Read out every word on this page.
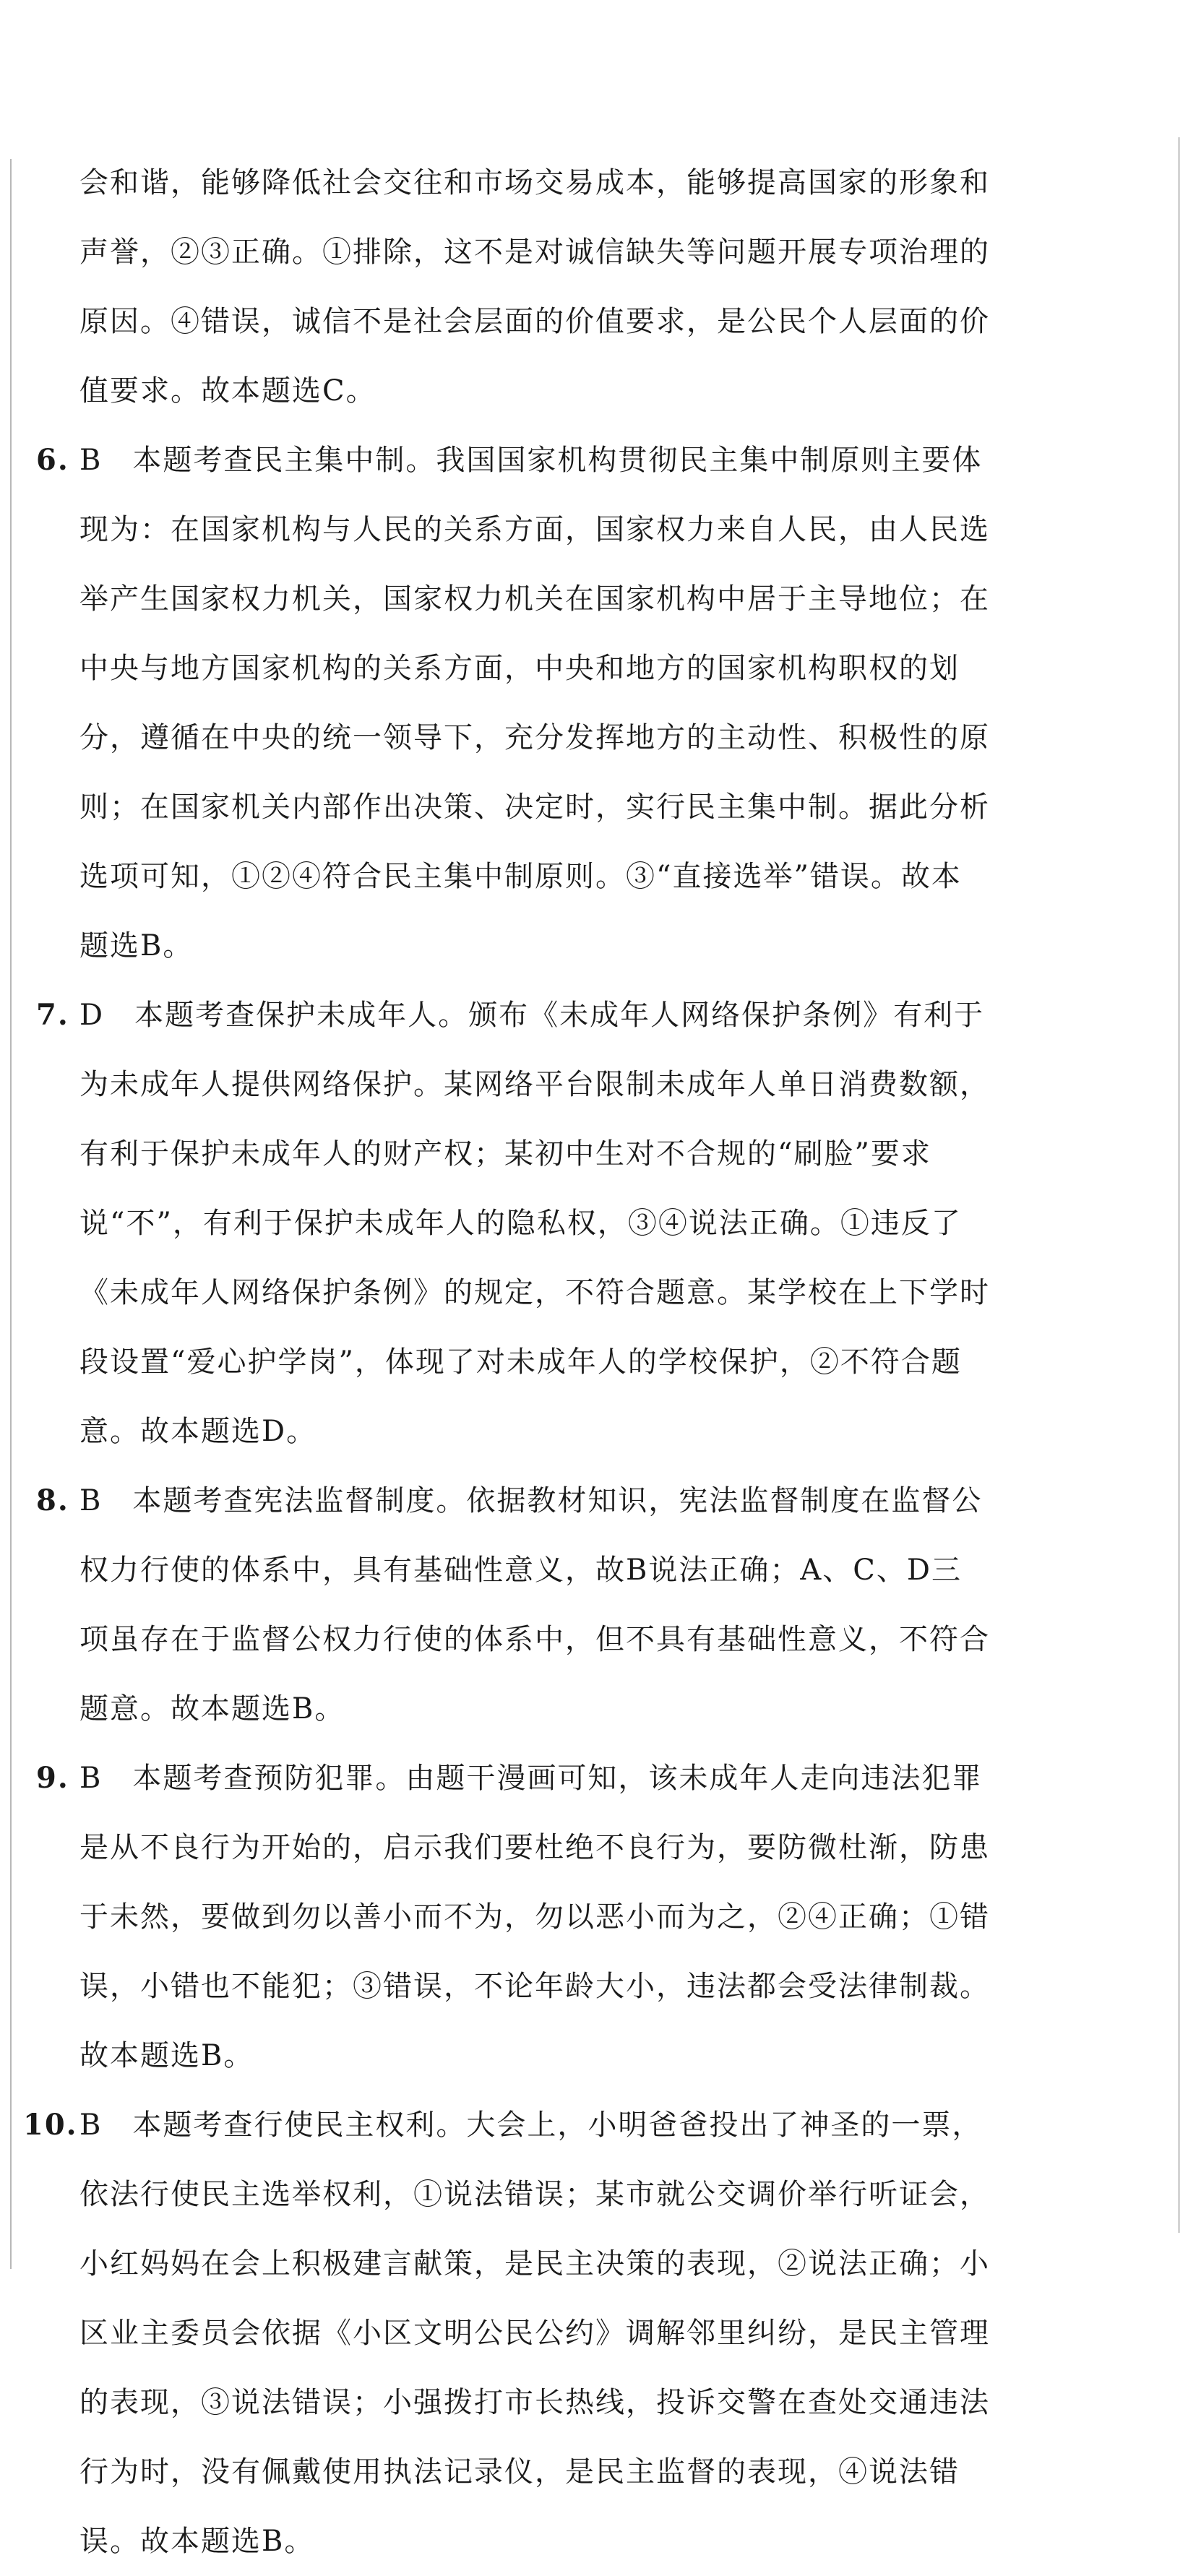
会和谐，能够降低社会交往和市场交易成本，能够提高国家的形象和声誉，②③正确。①排除，这不是对诚信缺失等问题开展专项治理的原因。④错误，诚信不是社会层面的价值要求，是公民个人层面的价值要求。故本题选C。

6. B 本题考查民主集中制。我国国家机构贯彻民主集中制原则主要体现为：在国家机构与人民的关系方面，国家权力来自人民，由人民选举产生国家权力机关，国家权力机关在国家机构中居于主导地位；在中央与地方国家机构的关系方面，中央和地方的国家机构职权的划分，遵循在中央的统一领导下，充分发挥地方的主动性、积极性的原则；在国家机关内部作出决策、决定时，实行民主集中制。据此分析选项可知，①②④符合民主集中制原则。③“直接选举”错误。故本题选B。
7. D 本题考查保护未成年人。颁布《未成年人网络保护条例》有利于为未成年人提供网络保护。某网络平台限制未成年人单日消费数额，有利于保护未成年人的财产权；某初中生对不合规的“刷脸”要求说“不”，有利于保护未成年人的隐私权，③④说法正确。①违反了《未成年人网络保护条例》的规定，不符合题意。某学校在上下学时段设置“爱心护学岗”，体现了对未成年人的学校保护，②不符合题意。故本题选D。
8. B 本题考查宪法监督制度。依据教材知识，宪法监督制度在监督公权力行使的体系中，具有基础性意义，故B说法正确；A、C、D三项虽存在于监督公权力行使的体系中，但不具有基础性意义，不符合题意。故本题选B。
9. B 本题考查预防犯罪。由题干漫画可知，该未成年人走向违法犯罪是从不良行为开始的，启示我们要杜绝不良行为，要防微杜渐，防患于未然，要做到勿以善小而不为，勿以恶小而为之，②④正确；①错误，小错也不能犯；③错误，不论年龄大小，违法都会受法律制裁。故本题选B。
10. B 本题考查行使民主权利。大会上，小明爸爸投出了神圣的一票，依法行使民主选举权利，①说法错误；某市就公交调价举行听证会，小红妈妈在会上积极建言献策，是民主决策的表现，②说法正确；小区业主委员会依据《小区文明公民公约》调解邻里纠纷，是民主管理的表现，③说法错误；小强拨打市长热线，投诉交警在查处交通违法行为时，没有佩戴使用执法记录仪，是民主监督的表现，④说法错误。故本题选B。
